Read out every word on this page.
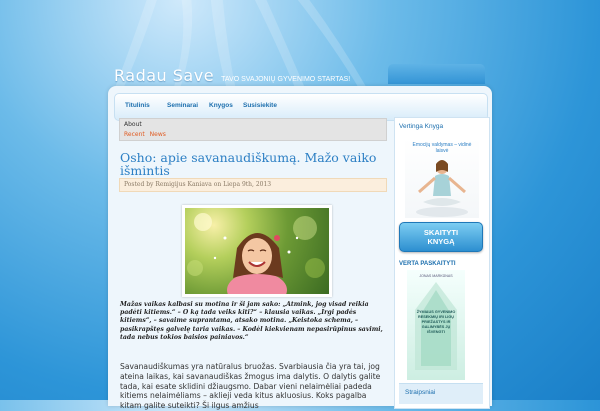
Radau Save TAVO SVAJONIŲ GYVENIMO STARTAS!
Titulinis	Seminarai Knygos Susisiekite
About
Recent News
Osho: apie savanaudiškumą. Mažo vaiko išmintis
Posted by Remigijus Kaniava on Liepa 9th, 2013
Mažas vaikas kalbasi su motina ir ši jam sako: „Atmink, jog visad reikia padėti kitiems.“ – O ką tada veiks kiti?“ – klausia vaikas. „Irgi padės kitiems“, – savaime suprantama, atsako motina. „Keistoka schema, – pasikrapštęs galvelę taria vaikas. – Kodėl kiekvienam nepasirūpinus savimi, tada nebus tokios baisios painiavos.“
Savanaudiškumas yra natūralus bruožas. Svarbiausia čia yra tai, jog ateina laikas, kai savanaudiškas žmogus ima dalytis. O dalytis galite tada, kai esate sklidini džiaugsmo. Dabar vieni nelaimėliai padeda kitiems nelaimėliams – aklieji veda kitus akluosius. Koks pagalba kitam galite suteikti? Ši ilgus amžius
Vertinga Knyga
Emocijų valdymas – vidinė laisvė
SKAITYTI KNYGĄ
VERTA PASKAITYTI
JONAS MARKŪNAS
ŽYMIAUS GYVENIMO RESEKMIŲ IRI LIGŲ PRIEŽASTYS IR GALIMYBĖS JŲ IŠVENGTI
Straipsniai
